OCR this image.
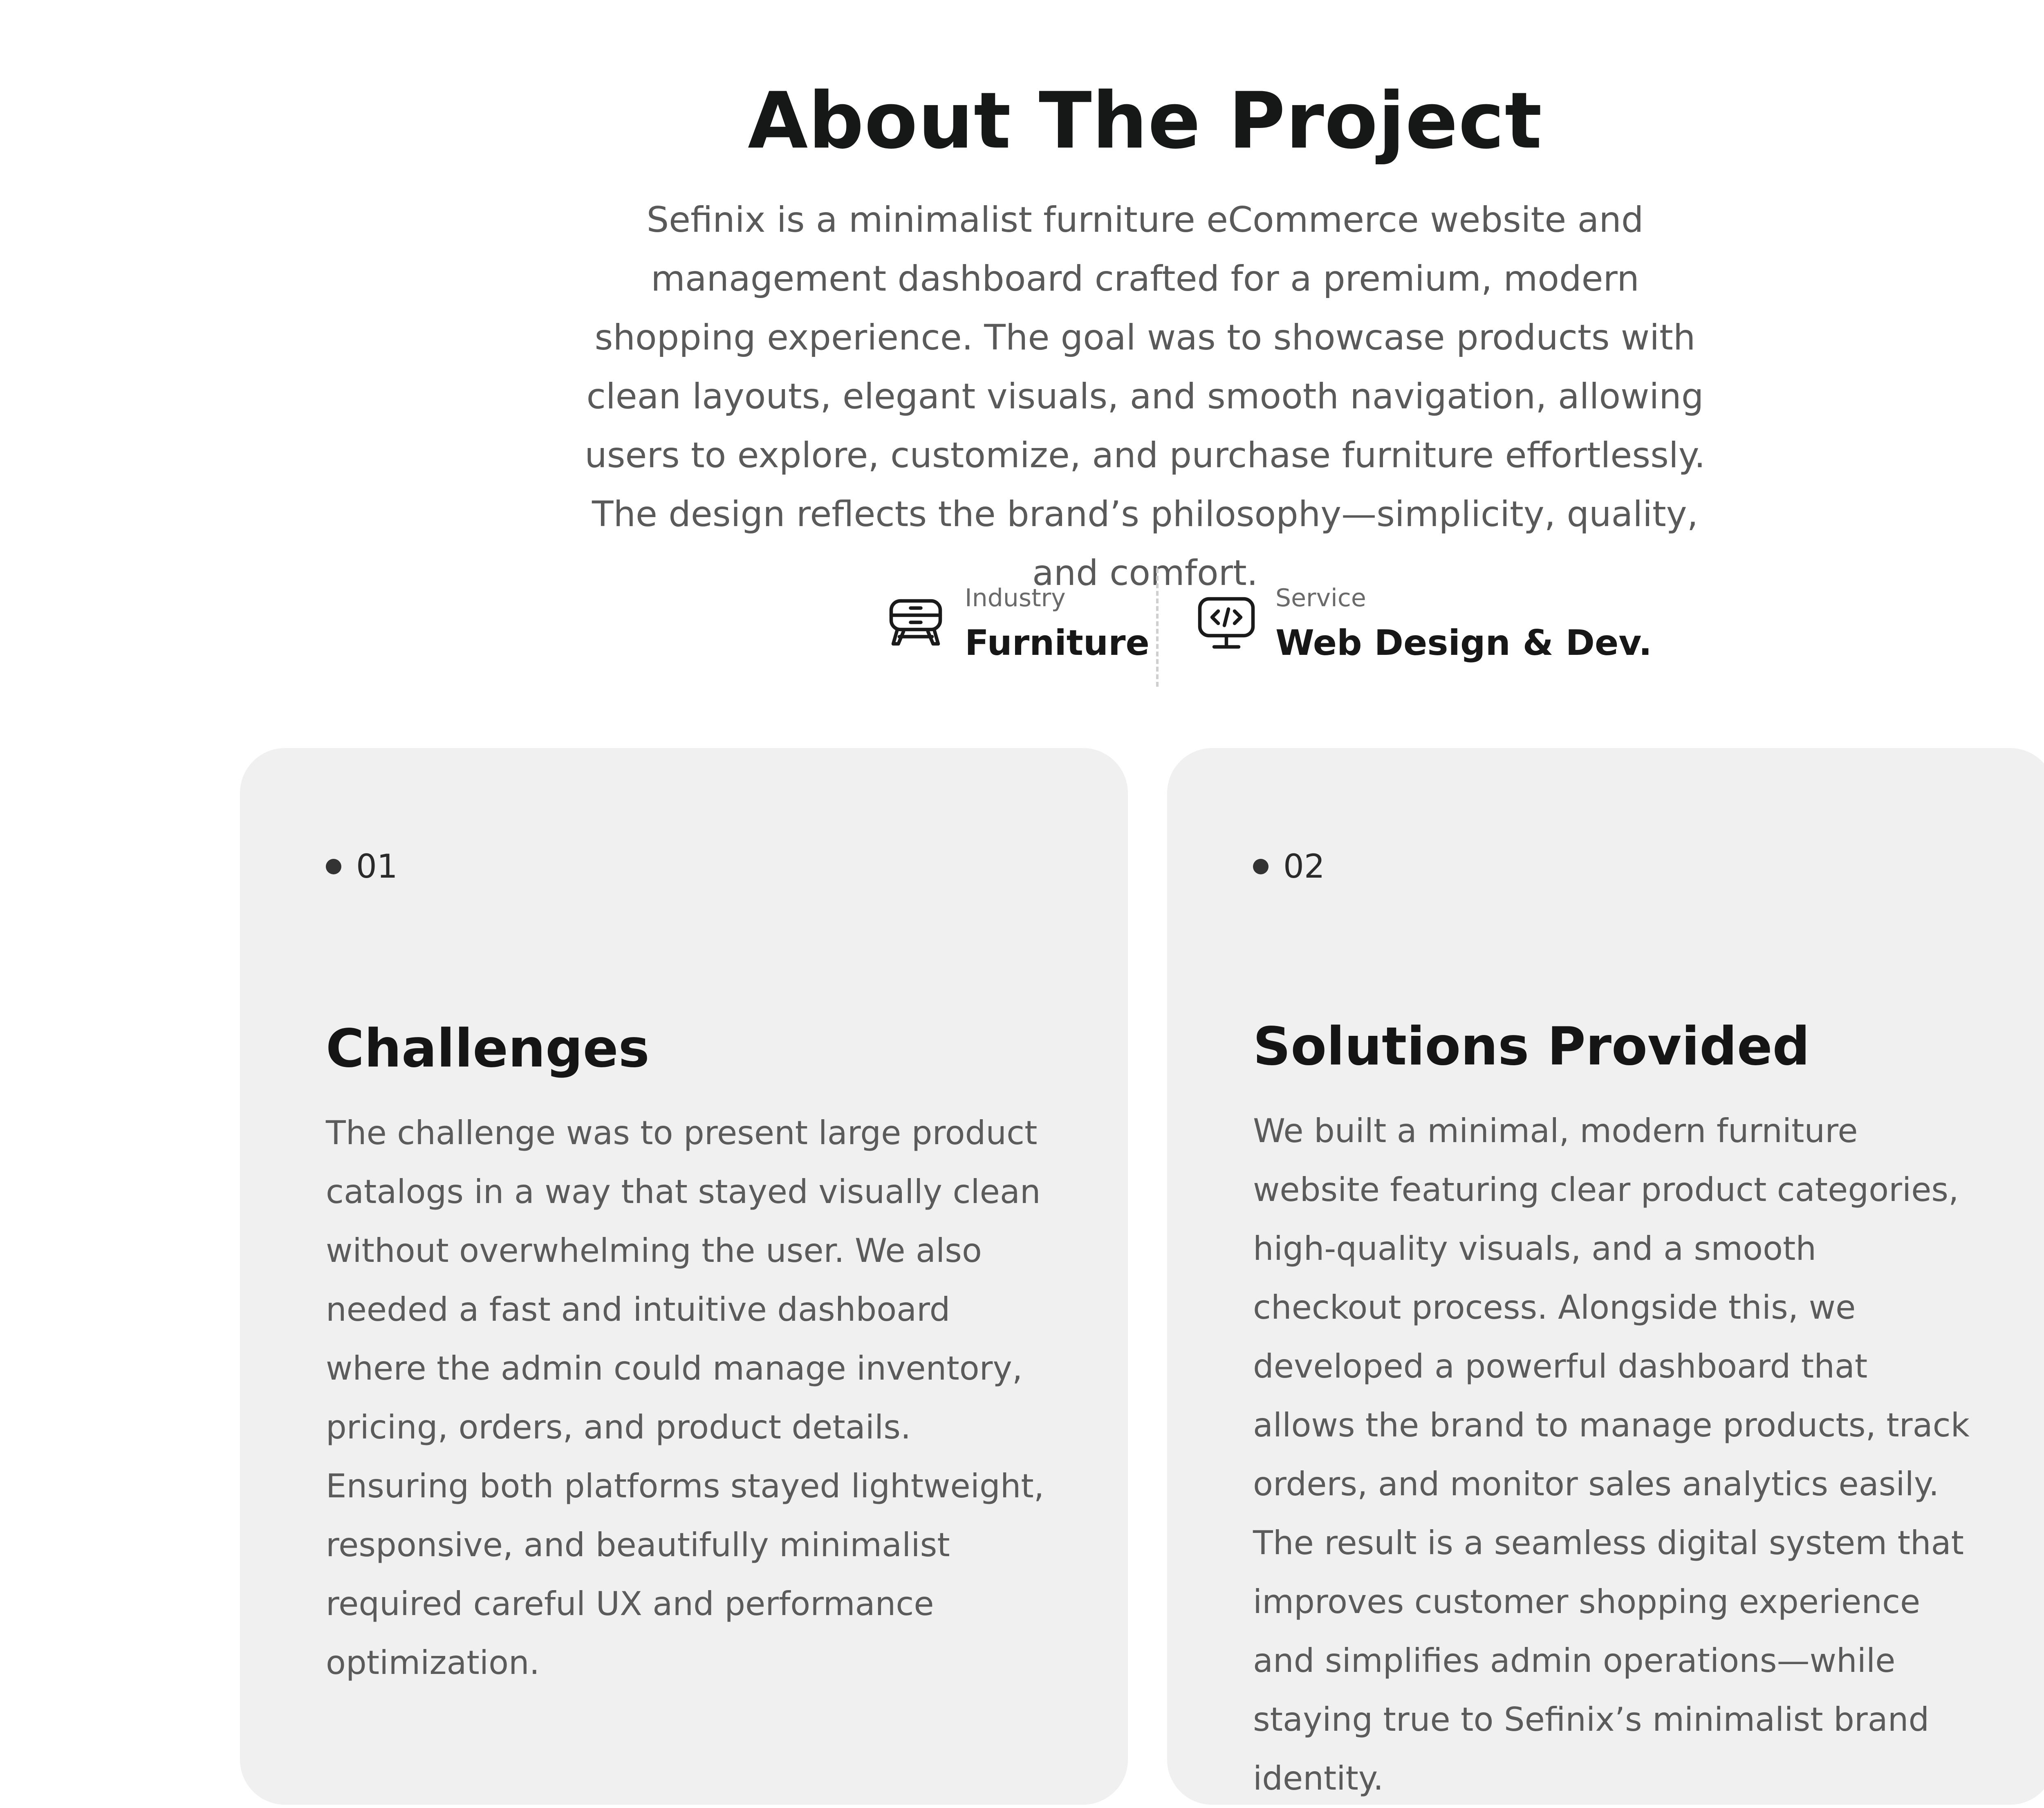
About The Project

Sefinix is a minimalist furniture eCommerce website and management dashboard crafted for a premium, modern shopping experience. The goal was to showcase products with clean layouts, elegant visuals, and smooth navigation, allowing users to explore, customize, and purchase furniture effortlessly. The design reflects the brand’s philosophy—simplicity, quality, and comfort.

Industry
Furniture
Service
Web Design & Dev.
01
Challenges

The challenge was to present large product catalogs in a way that stayed visually clean without overwhelming the user. We also needed a fast and intuitive dashboard where the admin could manage inventory, pricing, orders, and product details. Ensuring both platforms stayed lightweight, responsive, and beautifully minimalist required careful UX and performance optimization.

02
Solutions Provided

We built a minimal, modern furniture website featuring clear product categories, high-quality visuals, and a smooth checkout process. Alongside this, we developed a powerful dashboard that allows the brand to manage products, track orders, and monitor sales analytics easily. The result is a seamless digital system that improves customer shopping experience and simplifies admin operations—while staying true to Sefinix’s minimalist brand identity.
